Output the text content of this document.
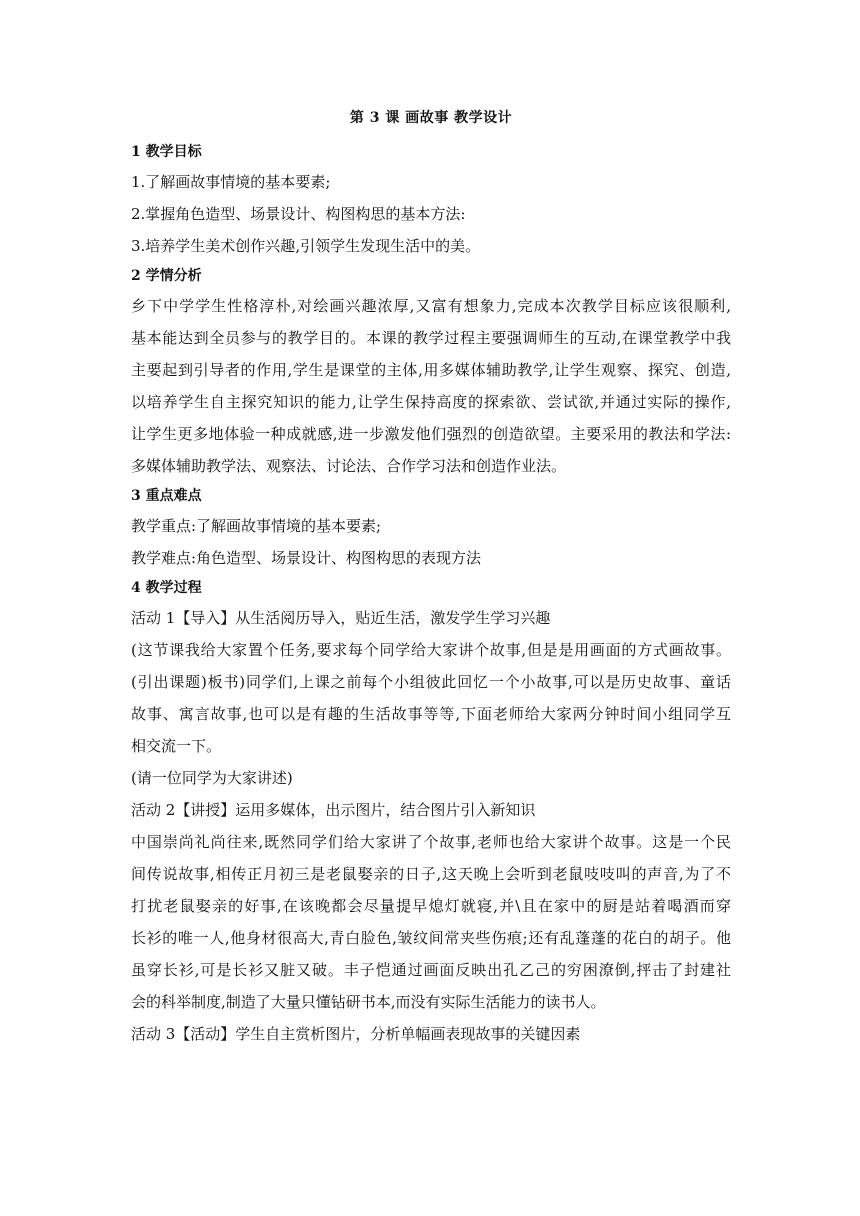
第 3 课 画故事 教学设计
1 教学目标
1.了解画故事情境的基本要素;
2.掌握角色造型、场景设计、构图构思的基本方法:
3.培养学生美术创作兴趣,引领学生发现生活中的美。
2 学情分析
乡下中学学生性格淳朴,对绘画兴趣浓厚,又富有想象力,完成本次教学目标应该很顺利,
基本能达到全员参与的教学目的。本课的教学过程主要强调师生的互动,在课堂教学中我
主要起到引导者的作用,学生是课堂的主体,用多媒体辅助教学,让学生观察、探究、创造,
以培养学生自主探究知识的能力,让学生保持高度的探索欲、尝试欲,并通过实际的操作,
让学生更多地体验一种成就感,进一步激发他们强烈的创造欲望。主要采用的教法和学法:
多媒体辅助教学法、观察法、讨论法、合作学习法和创造作业法。
3 重点难点
教学重点:了解画故事情境的基本要素;
教学难点:角色造型、场景设计、构图构思的表现方法
4 教学过程
活动 1【导入】从生活阅历导入，贴近生活，激发学生学习兴趣
(这节课我给大家置个任务,要求每个同学给大家讲个故事,但是是用画面的方式画故事。
(引出课题)板书)同学们,上课之前每个小组彼此回忆一个小故事,可以是历史故事、童话
故事、寓言故事,也可以是有趣的生活故事等等,下面老师给大家两分钟时间小组同学互
相交流一下。
(请一位同学为大家讲述)
活动 2【讲授】运用多媒体，出示图片，结合图片引入新知识
中国崇尚礼尚往来,既然同学们给大家讲了个故事,老师也给大家讲个故事。这是一个民
间传说故事,相传正月初三是老鼠娶亲的日子,这天晚上会听到老鼠吱吱叫的声音,为了不
打扰老鼠娶亲的好事,在该晚都会尽量提早熄灯就寝,并\且在家中的厨是站着喝酒而穿
长衫的唯一人,他身材很高大,青白脸色,皱纹间常夹些伤痕;还有乱蓬蓬的花白的胡子。他
虽穿长衫,可是长衫又脏又破。丰子恺通过画面反映出孔乙己的穷困潦倒,抨击了封建社
会的科举制度,制造了大量只懂钻研书本,而没有实际生活能力的读书人。
活动 3【活动】学生自主赏析图片，分析单幅画表现故事的关键因素
